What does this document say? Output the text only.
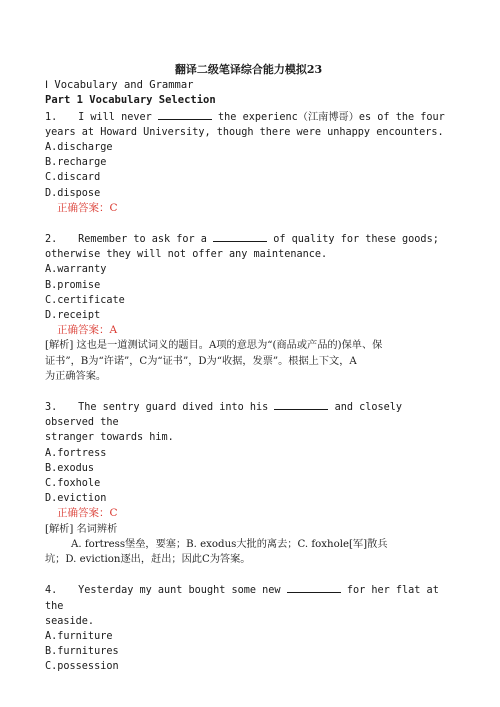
翻译二级笔译综合能力模拟23
Ⅰ Vocabulary and Grammar
Part 1 Vocabulary Selection
1. I will never	the experienc（江南博哥）es of the four
years at Howard University, though there were unhappy encounters.
A.discharge
B.recharge
C.discard
D.dispose
正确答案：C
2. Remember to ask for a	of quality for these goods;
otherwise they will not offer any maintenance.
A.warranty
B.promise
C.certificate
D.receipt
正确答案：A
[解析] 这也是一道测试词义的题目。A项的意思为“(商品或产品的)保单、保
证书”，B为“许诺”，C为“证书”，D为“收据，发票”。根据上下文，A
为正确答案。
3. The sentry guard dived into his	and closely observed the
stranger towards him.
A.fortress
B.exodus
C.foxhole
D.eviction
正确答案：C
[解析] 名词辨析
A. fortress堡垒，要塞；B. exodus大批的离去；C. foxhole[军]散兵
坑；D. eviction逐出，赶出；因此C为答案。
4. Yesterday my aunt bought some new	for her flat at the
seaside.
A.furniture
B.furnitures
C.possession
